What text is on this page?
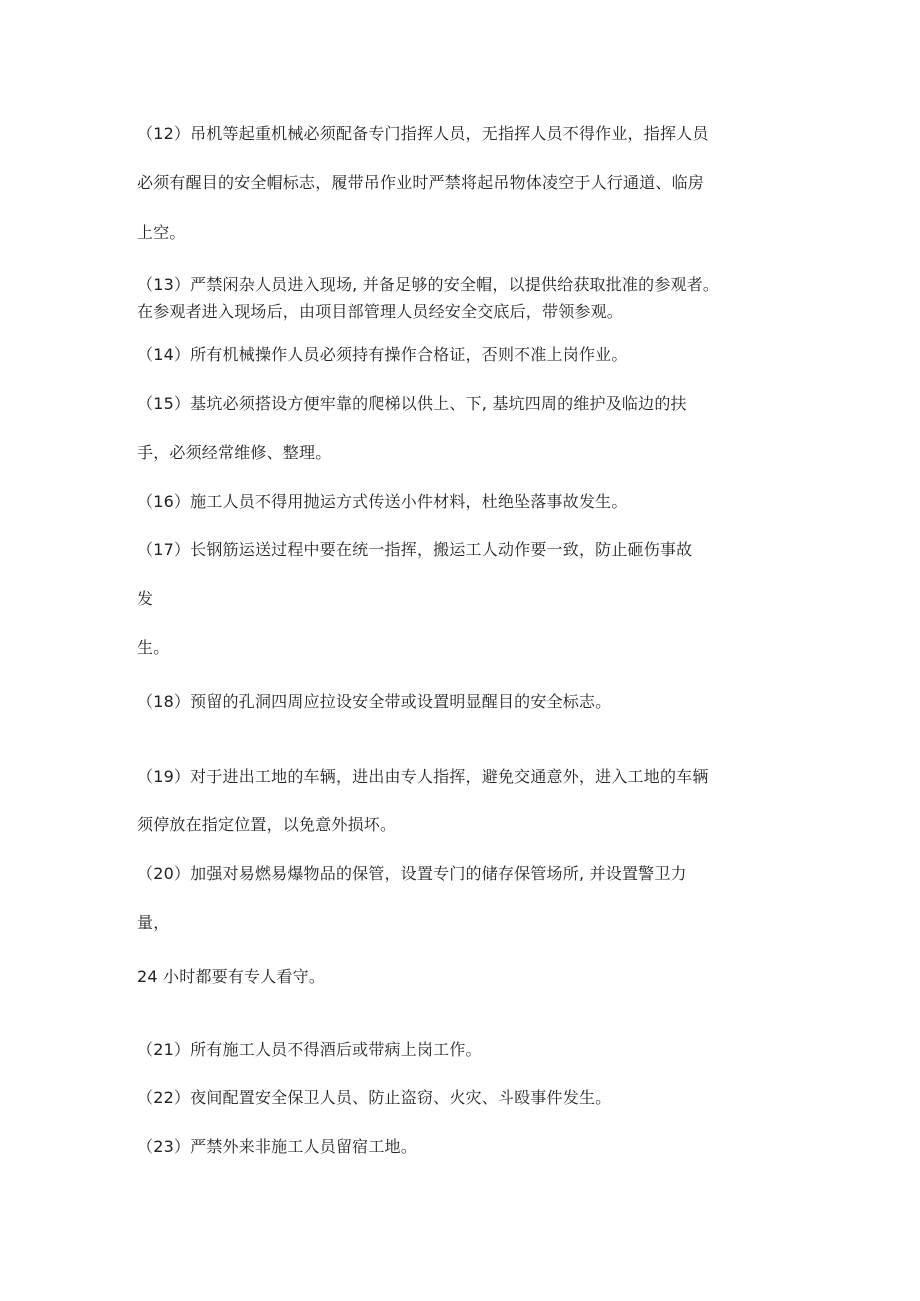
（12）吊机等起重机械必须配备专门指挥人员，无指挥人员不得作业，指挥人员
必须有醒目的安全帽标志，履带吊作业时严禁将起吊物体凌空于人行通道、临房
上空。
（13）严禁闲杂人员进入现场, 并备足够的安全帽，以提供给获取批准的参观者。
在参观者进入现场后，由项目部管理人员经安全交底后，带领参观。
（14）所有机械操作人员必须持有操作合格证，否则不准上岗作业。
（15）基坑必须搭设方便牢靠的爬梯以供上、下, 基坑四周的维护及临边的扶
手，必须经常维修、整理。
（16）施工人员不得用抛运方式传送小件材料，杜绝坠落事故发生。
（17）长钢筋运送过程中要在统一指挥，搬运工人动作要一致，防止砸伤事故
发
生。
（18）预留的孔洞四周应拉设安全带或设置明显醒目的安全标志。
（19）对于进出工地的车辆，进出由专人指挥，避免交通意外，进入工地的车辆
须停放在指定位置，以免意外损坏。
（20）加强对易燃易爆物品的保管，设置专门的储存保管场所, 并设置警卫力
量，
24 小时都要有专人看守。
（21）所有施工人员不得酒后或带病上岗工作。
（22）夜间配置安全保卫人员、防止盗窃、火灾、斗殴事件发生。
（23）严禁外来非施工人员留宿工地。
